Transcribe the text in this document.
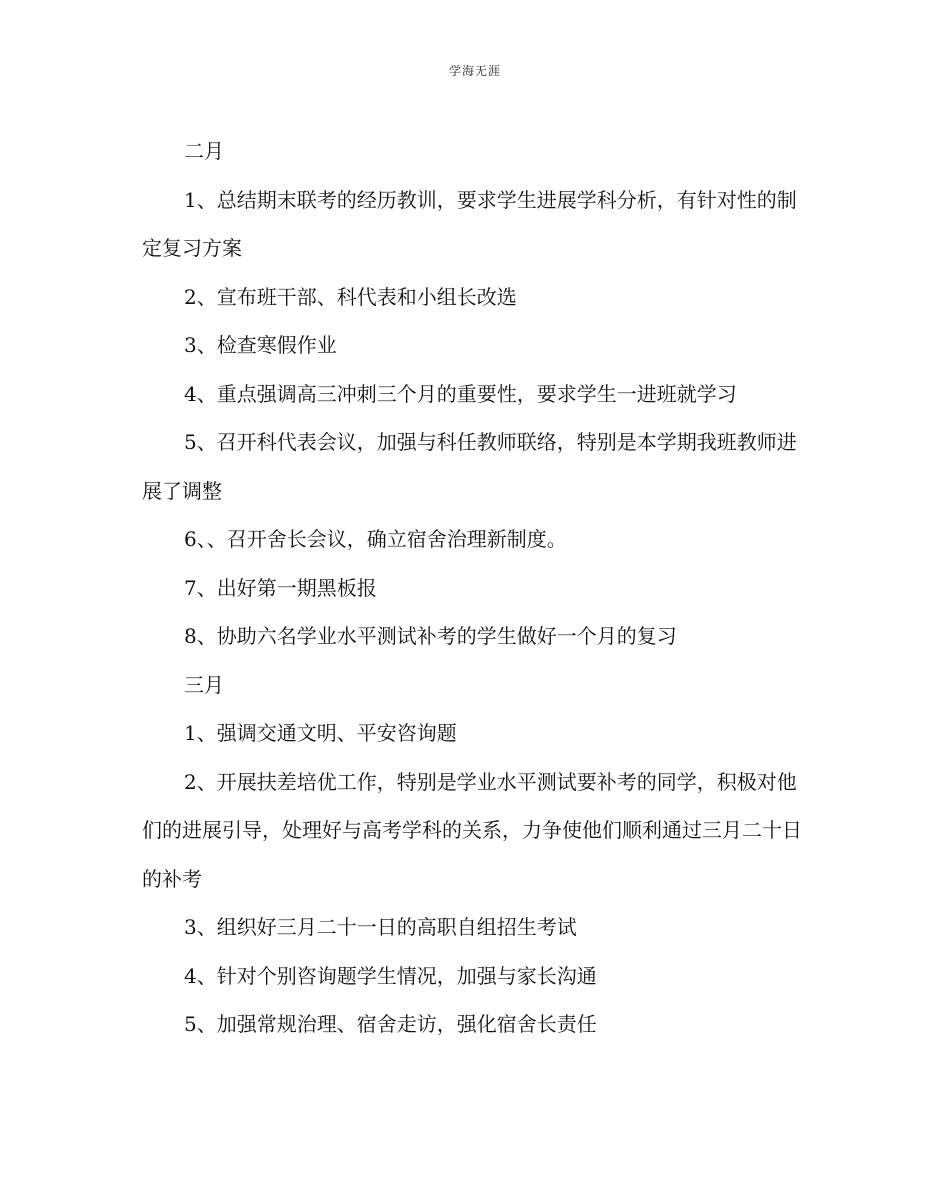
学海无涯

二月

1、总结期末联考的经历教训，要求学生进展学科分析，有针对性的制定复习方案

2、宣布班干部、科代表和小组长改选

3、检查寒假作业

4、重点强调高三冲刺三个月的重要性，要求学生一进班就学习

5、召开科代表会议，加强与科任教师联络，特别是本学期我班教师进展了调整

6、、召开舍长会议，确立宿舍治理新制度。

7、出好第一期黑板报

8、协助六名学业水平测试补考的学生做好一个月的复习

三月

1、强调交通文明、平安咨询题

2、开展扶差培优工作，特别是学业水平测试要补考的同学，积极对他们的进展引导，处理好与高考学科的关系，力争使他们顺利通过三月二十日的补考

3、组织好三月二十一日的高职自组招生考试

4、针对个别咨询题学生情况，加强与家长沟通

5、加强常规治理、宿舍走访，强化宿舍长责任
